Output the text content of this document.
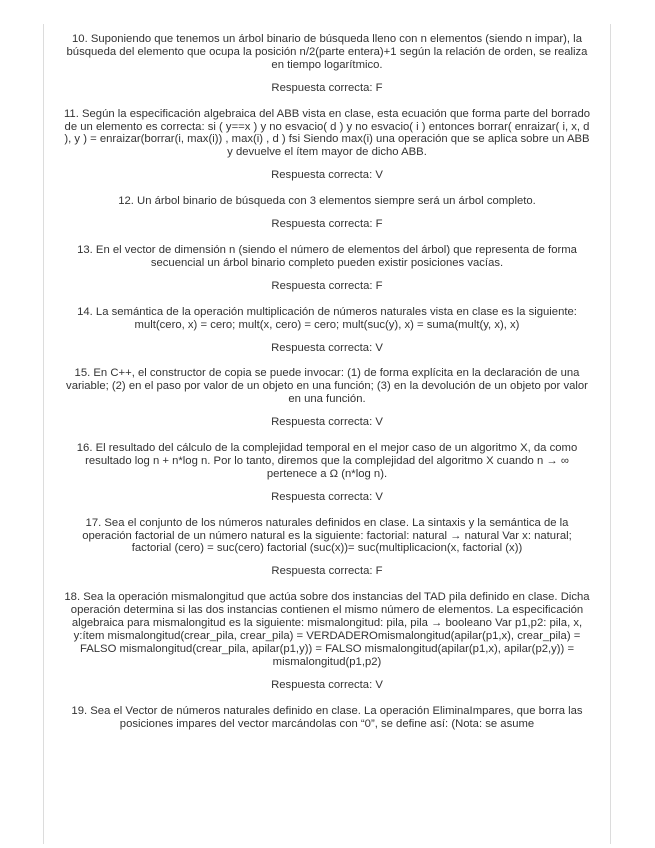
10. Suponiendo que tenemos un árbol binario de búsqueda lleno con n elementos (siendo n impar), la búsqueda del elemento que ocupa la posición n/2(parte entera)+1 según la relación de orden, se realiza en tiempo logarítmico.

Respuesta correcta: F

11. Según la especificación algebraica del ABB vista en clase, esta ecuación que forma parte del borrado de un elemento es correcta: si ( y==x ) y no esvacio( d ) y no esvacio( i ) entonces borrar( enraizar( i, x, d ), y ) = enraizar(borrar(i, max(i)) , max(i) , d ) fsi Siendo max(i) una operación que se aplica sobre un ABB y devuelve el ítem mayor de dicho ABB.

Respuesta correcta: V

12. Un árbol binario de búsqueda con 3 elementos siempre será un árbol completo.

Respuesta correcta: F

13. En el vector de dimensión n (siendo el número de elementos del árbol) que representa de forma secuencial un árbol binario completo pueden existir posiciones vacías.

Respuesta correcta: F

14. La semántica de la operación multiplicación de números naturales vista en clase es la siguiente: mult(cero, x) = cero; mult(x, cero) = cero; mult(suc(y), x) = suma(mult(y, x), x)

Respuesta correcta: V

15. En C++, el constructor de copia se puede invocar: (1) de forma explícita en la declaración de una variable; (2) en el paso por valor de un objeto en una función; (3) en la devolución de un objeto por valor en una función.

Respuesta correcta: V

16. El resultado del cálculo de la complejidad temporal en el mejor caso de un algoritmo X, da como resultado log n + n*log n. Por lo tanto, diremos que la complejidad del algoritmo X cuando n → ∞ pertenece a Ω (n*log n).

Respuesta correcta: V

17. Sea el conjunto de los números naturales definidos en clase. La sintaxis y la semántica de la operación factorial de un número natural es la siguiente: factorial: natural → natural Var x: natural; factorial (cero) = suc(cero) factorial (suc(x))= suc(multiplicacion(x, factorial (x))

Respuesta correcta: F

18. Sea la operación mismalongitud que actúa sobre dos instancias del TAD pila definido en clase. Dicha operación determina si las dos instancias contienen el mismo número de elementos. La especificación algebraica para mismalongitud es la siguiente: mismalongitud: pila, pila → booleano Var p1,p2: pila, x, y:ítem mismalongitud(crear_pila, crear_pila) = VERDADEROmismalongitud(apilar(p1,x), crear_pila) = FALSO mismalongitud(crear_pila, apilar(p1,y)) = FALSO mismalongitud(apilar(p1,x), apilar(p2,y)) = mismalongitud(p1,p2)

Respuesta correcta: V

19. Sea el Vector de números naturales definido en clase. La operación EliminaImpares, que borra las posiciones impares del vector marcándolas con “0”, se define así: (Nota: se asume
